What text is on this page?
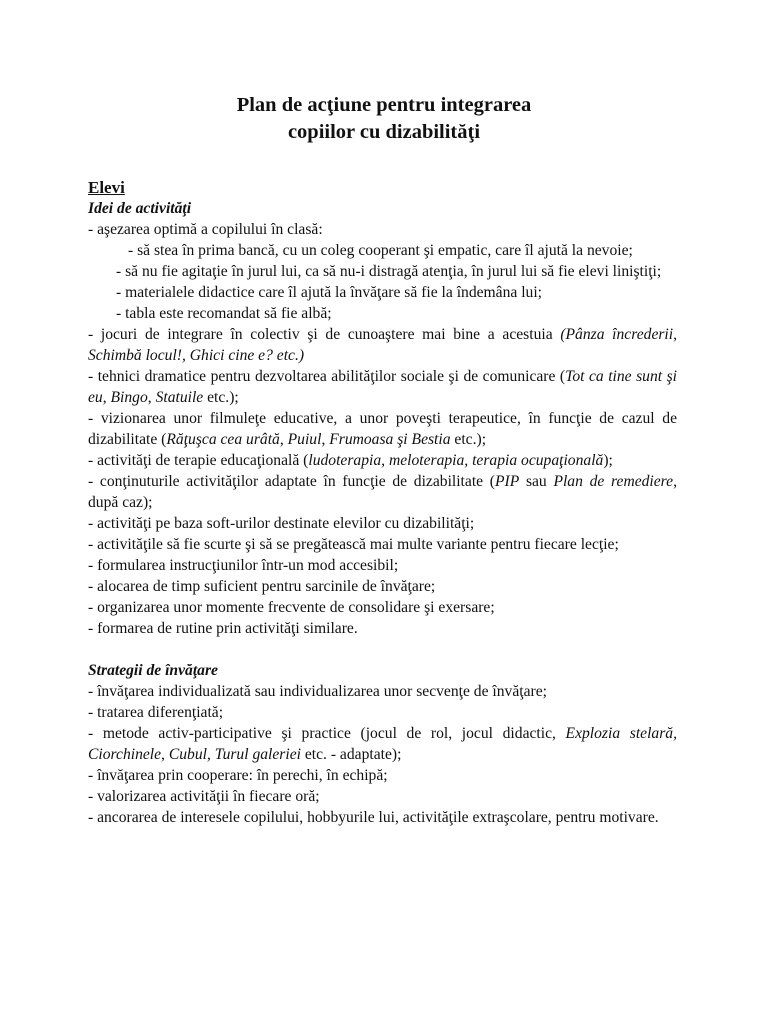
Plan de acţiune pentru integrarea
copiilor cu dizabilităţi
Elevi
Idei de activităţi

- aşezarea optimă a copilului în clasă:

- să stea în prima bancă, cu un coleg cooperant şi empatic, care îl ajută la nevoie;

- să nu fie agitaţie în jurul lui, ca să nu-i distragă atenţia, în jurul lui să fie elevi liniştiţi;

- materialele didactice care îl ajută la învăţare să fie la îndemâna lui;

- tabla este recomandat să fie albă;

- jocuri de integrare în colectiv şi de cunoaştere mai bine a acestuia (Pânza încrederii, Schimbă locul!, Ghici cine e? etc.)

- tehnici dramatice pentru dezvoltarea abilităţilor sociale şi de comunicare (Tot ca tine sunt şi eu, Bingo, Statuile etc.);

- vizionarea unor filmuleţe educative, a unor poveşti terapeutice, în funcţie de cazul de dizabilitate (Răţuşca cea urâtă, Puiul, Frumoasa şi Bestia etc.);

- activităţi de terapie educaţională (ludoterapia, meloterapia, terapia ocupaţională);

- conţinuturile activităţilor adaptate în funcţie de dizabilitate (PIP sau Plan de remediere, după caz);

- activităţi pe baza soft-urilor destinate elevilor cu dizabilităţi;

- activităţile să fie scurte şi să se pregătească mai multe variante pentru fiecare lecţie;

- formularea instrucţiunilor într-un mod accesibil;

- alocarea de timp suficient pentru sarcinile de învăţare;

- organizarea unor momente frecvente de consolidare şi exersare;

- formarea de rutine prin activităţi similare.

Strategii de învăţare

- învăţarea individualizată sau individualizarea unor secvenţe de învăţare;

- tratarea diferenţiată;

- metode activ-participative şi practice (jocul de rol, jocul didactic, Explozia stelară, Ciorchinele, Cubul, Turul galeriei etc. - adaptate);

- învăţarea prin cooperare: în perechi, în echipă;

- valorizarea activităţii în fiecare oră;

- ancorarea de interesele copilului, hobbyurile lui, activităţile extraşcolare, pentru motivare.
